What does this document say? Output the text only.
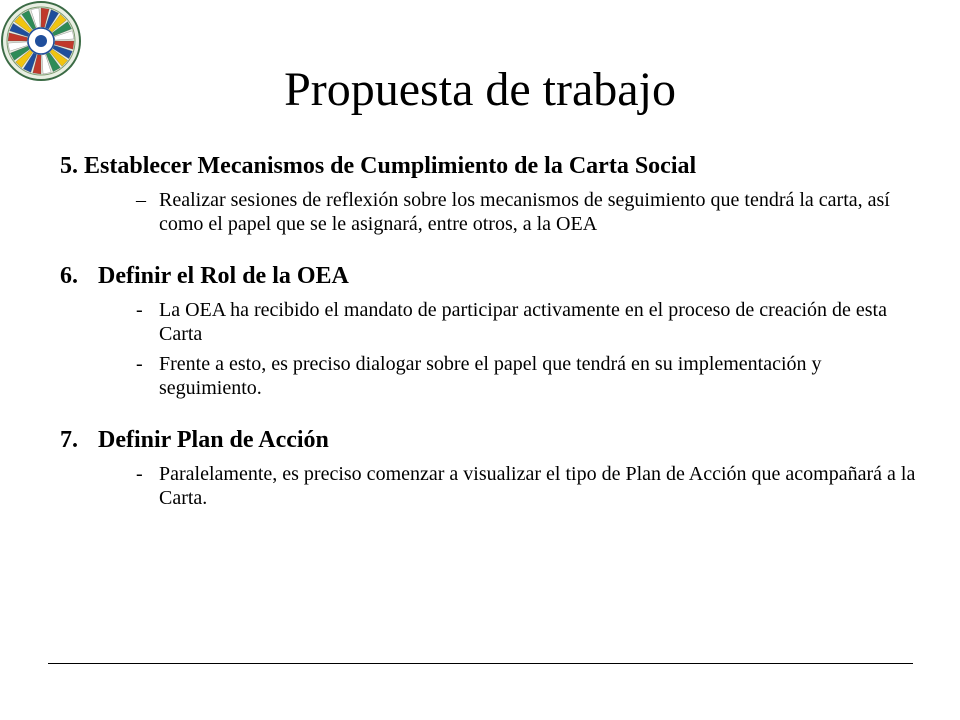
Propuesta de trabajo
5. Establecer Mecanismos de Cumplimiento de la Carta Social
– Realizar sesiones de reflexión sobre los mecanismos de seguimiento que tendrá la carta, así como el papel que se le asignará, entre otros, a la OEA
6. Definir el Rol de la OEA
- La OEA ha recibido el mandato de participar activamente en el proceso de creación de esta Carta
- Frente a esto, es preciso dialogar sobre el papel que tendrá en su implementación y seguimiento.
7. Definir Plan de Acción
- Paralelamente, es preciso comenzar a visualizar el tipo de Plan de Acción que acompañará a la Carta.
